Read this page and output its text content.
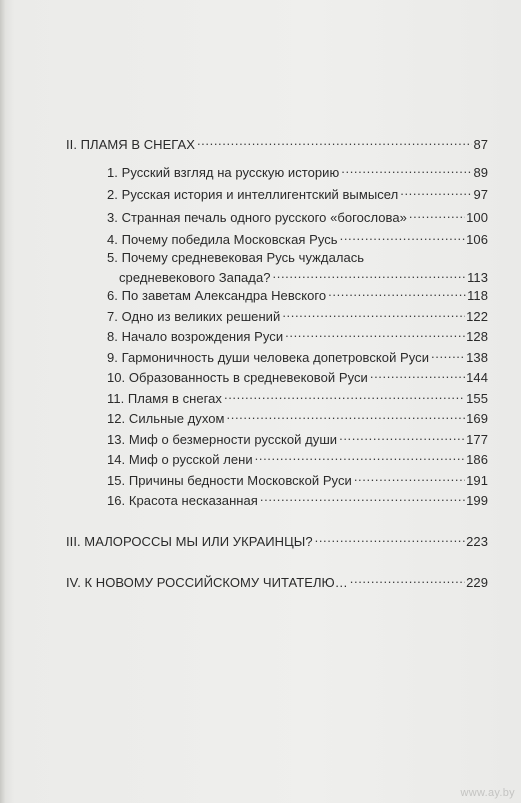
II. ПЛАМЯ В СНЕГАХ .....	87
1. Русский взгляд на русскую историю .....	89
2. Русская история и интеллигентский вымысел .....	97
3. Странная печаль одного русского «богослова» .....	100
4. Почему победила Московская Русь .....	106
5. Почему средневековая Русь чуждалась
средневекового Запада? .....	113
6. По заветам Александра Невского .....	118
7. Одно из великих решений .....	122
8. Начало возрождения Руси .....	128
9. Гармоничность души человека допетровской Руси .....	138
10. Образованность в средневековой Руси .....	144
11. Пламя в снегах .....	155
12. Сильные духом .....	169
13. Миф о безмерности русской души .....	177
14. Миф о русской лени .....	186
15. Причины бедности Московской Руси .....	191
16. Красота несказанная .....	199
III. МАЛОРОССЫ МЫ ИЛИ УКРАИНЦЫ? .....	223
IV. К НОВОМУ РОССИЙСКОМУ ЧИТАТЕЛЮ… .....	229
www.ay.by
